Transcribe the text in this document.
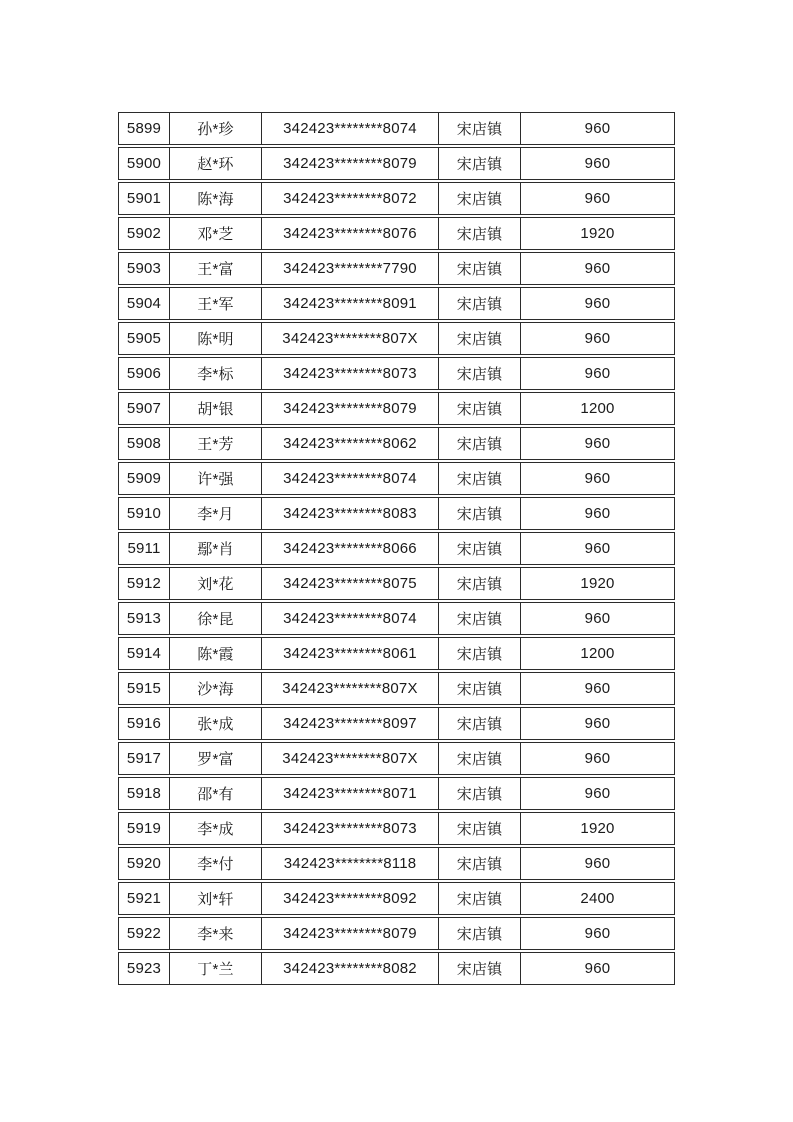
5899	孙*珍	342423********8074	宋店镇	960
5900	赵*环	342423********8079	宋店镇	960
5901	陈*海	342423********8072	宋店镇	960
5902	邓*芝	342423********8076	宋店镇	1920
5903	王*富	342423********7790	宋店镇	960
5904	王*军	342423********8091	宋店镇	960
5905	陈*明	342423********807X	宋店镇	960
5906	李*标	342423********8073	宋店镇	960
5907	胡*银	342423********8079	宋店镇	1200
5908	王*芳	342423********8062	宋店镇	960
5909	许*强	342423********8074	宋店镇	960
5910	李*月	342423********8083	宋店镇	960
5911	鄢*肖	342423********8066	宋店镇	960
5912	刘*花	342423********8075	宋店镇	1920
5913	徐*昆	342423********8074	宋店镇	960
5914	陈*霞	342423********8061	宋店镇	1200
5915	沙*海	342423********807X	宋店镇	960
5916	张*成	342423********8097	宋店镇	960
5917	罗*富	342423********807X	宋店镇	960
5918	邵*有	342423********8071	宋店镇	960
5919	李*成	342423********8073	宋店镇	1920
5920	李*付	342423********8118	宋店镇	960
5921	刘*轩	342423********8092	宋店镇	2400
5922	李*来	342423********8079	宋店镇	960
5923	丁*兰	342423********8082	宋店镇	960
